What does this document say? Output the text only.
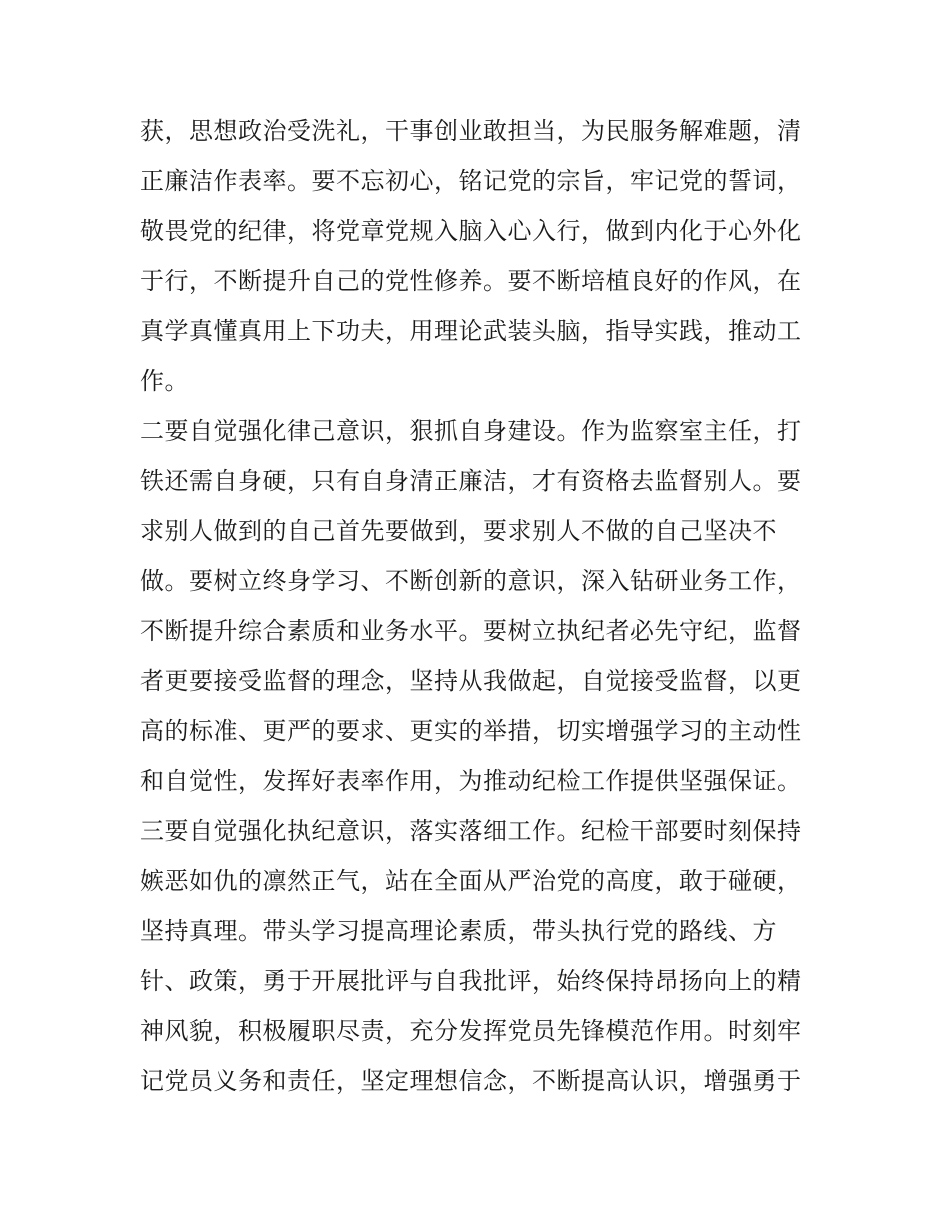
获，思想政治受洗礼，干事创业敢担当，为民服务解难题，清
正廉洁作表率。要不忘初心，铭记党的宗旨，牢记党的誓词，
敬畏党的纪律，将党章党规入脑入心入行，做到内化于心外化
于行，不断提升自己的党性修养。要不断培植良好的作风，在
真学真懂真用上下功夫，用理论武装头脑，指导实践，推动工
作。
二要自觉强化律己意识，狠抓自身建设。作为监察室主任，打
铁还需自身硬，只有自身清正廉洁，才有资格去监督别人。要
求别人做到的自己首先要做到，要求别人不做的自己坚决不
做。要树立终身学习、不断创新的意识，深入钻研业务工作，
不断提升综合素质和业务水平。要树立执纪者必先守纪，监督
者更要接受监督的理念，坚持从我做起，自觉接受监督，以更
高的标准、更严的要求、更实的举措，切实增强学习的主动性
和自觉性，发挥好表率作用，为推动纪检工作提供坚强保证。
三要自觉强化执纪意识，落实落细工作。纪检干部要时刻保持
嫉恶如仇的凛然正气，站在全面从严治党的高度，敢于碰硬，
坚持真理。带头学习提高理论素质，带头执行党的路线、方
针、政策，勇于开展批评与自我批评，始终保持昂扬向上的精
神风貌，积极履职尽责，充分发挥党员先锋模范作用。时刻牢
记党员义务和责任，坚定理想信念，不断提高认识，增强勇于
